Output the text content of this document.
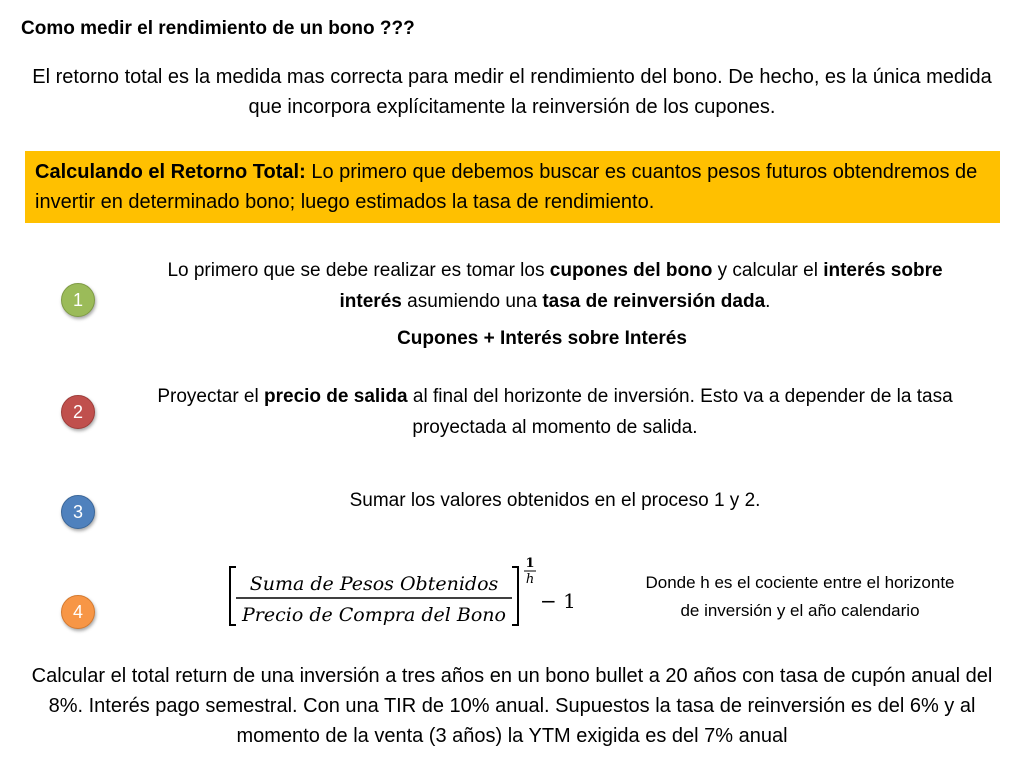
Como medir el rendimiento de un bono ???
El retorno total es la medida mas correcta para medir el rendimiento del bono. De hecho, es la única medida que incorpora explícitamente la reinversión de los cupones.
Calculando el Retorno Total: Lo primero que debemos buscar es cuantos pesos futuros obtendremos de invertir en determinado bono; luego estimados la tasa de rendimiento.
1
Lo primero que se debe realizar es tomar los cupones del bono y calcular el interés sobre interés asumiendo una tasa de reinversión dada.
Cupones + Interés sobre Interés
2
Proyectar el precio de salida al final del horizonte de inversión. Esto va a depender de la tasa proyectada al momento de salida.
3
Sumar los valores obtenidos en el proceso 1 y 2.
4
Suma de Pesos Obtenidos
Precio de Compra del Bono
1
h
− 1
Donde h es el cociente entre el horizonte de inversión y el año calendario
Calcular el total return de una inversión a tres años en un bono bullet a 20 años con tasa de cupón anual del 8%. Interés pago semestral. Con una TIR de 10% anual. Supuestos la tasa de reinversión es del 6% y al momento de la venta (3 años) la YTM exigida es del 7% anual
